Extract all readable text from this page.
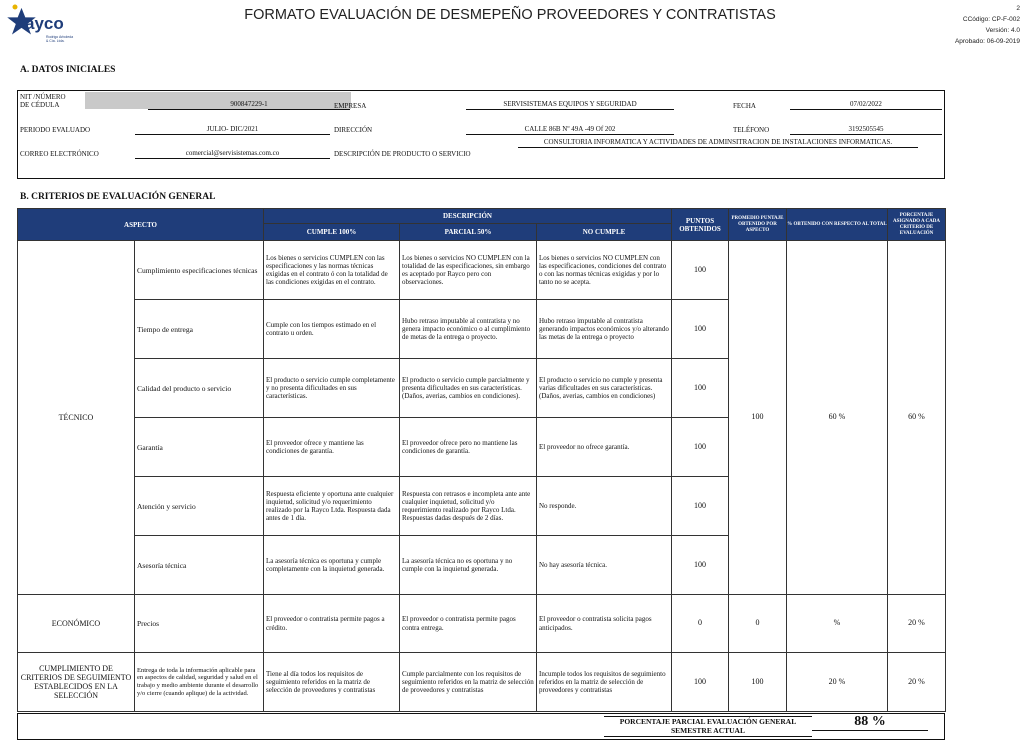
ayco
Rodrigo Arboleda
& Cía. Ltda.
FORMATO EVALUACIÓN DE DESMEPEÑO PROVEEDORES Y CONTRATISTAS	2
CCódigo: CP-F-002
Versión: 4.0
Aprobado: 06-09-2019
A. DATOS INICIALES
NIT /NÚMERO
DE CÉDULA	900847229-1	EMPRESA	SERVISISTEMAS EQUIPOS Y SEGURIDAD	FECHA	07/02/2022
PERIODO EVALUADO	JULIO- DIC/2021	DIRECCIÓN	CALLE 86B Nº 49A -49 Of 202	TELÉFONO	3192505545
CORREO ELECTRÓNICO	comercial@servisistemas.com.co	DESCRIPCIÓN DE PRODUCTO O SERVICIO
CONSULTORIA INFORMATICA Y ACTIVIDADES DE ADMINSITRACION DE INSTALACIONES INFORMATICAS.
B. CRITERIOS DE EVALUACIÓN GENERAL
ASPECTO		DESCRIPCIÓN			PUNTOS OBTENIDOS	PROMEDIO PUNTAJE OBTENIDO POR ASPECTO	% OBTENIDO CON RESPECTO AL TOTAL	PORCENTAJE ASIGNADO A CADA CRITERIO DE EVALUACIÓN
		CUMPLE 100%	PARCIAL 50%	NO CUMPLE				
TÉCNICO	Cumplimiento especificaciones técnicas	Los bienes o servicios CUMPLEN con las especificaciones y las normas técnicas exigidas en el contrato ó con la totalidad de las condiciones exigidas en el contrato.	Los bienes o servicios NO CUMPLEN con la totalidad de las especificaciones, sin embargo es aceptado por Rayco pero con observaciones.	Los bienes o servicios NO CUMPLEN con las especificaciones, condiciones del contrato o con las normas técnicas exigidas y por lo tanto no se acepta.	100	100	60 %	60 %
	Tiempo de entrega	Cumple con los tiempos estimado en el contrato u orden.	Hubo retraso imputable al contratista y no genera impacto económico o al cumplimiento de metas de la entrega o proyecto.	Hubo retraso imputable al contratista generando impactos económicos y/o alterando las metas de la entrega o proyecto	100			
	Calidad del producto o servicio	El producto o servicio cumple completamente y no presenta dificultades en sus características.	El producto o servicio cumple parcialmente y presenta dificultades en sus características. (Daños, averias, cambios en condiciones).	El producto o servicio no cumple y presenta varias dificultades en sus características. (Daños, averias, cambios en condiciones)	100			
	Garantía	El proveedor ofrece y mantiene las condiciones de garantía.	El proveedor ofrece pero no mantiene las condiciones de garantía.	El proveedor no ofrece garantía.	100			
	Atención y servicio	Respuesta eficiente y oportuna ante cualquier inquietud, solicitud y/o requerimiento realizado por la Rayco Ltda. Respuesta dada antes de 1 día.	Respuesta con retrasos e incompleta ante ante cualquier inquietud, solicitud y/o requerimiento realizado por Rayco Ltda.
Respuestas dadas después de 2 días.	No responde.	100			
	Asesoría técnica	La asesoría técnica es oportuna y cumple completamente con la inquietud generada.	La asesoría técnica no es oportuna y no cumple con la inquietud generada.	No hay asesoría técnica.	100			
ECONÓMICO	Precios	El proveedor o contratista permite pagos a crédito.	El proveedor o contratista permite pagos contra entrega.	El proveedor o contratista solicita pagos anticipados.	0	0	%	20 %
CUMPLIMIENTO DE CRITERIOS DE SEGUIMIENTO ESTABLECIDOS EN LA SELECCIÓN	Entrega de toda la información aplicable para en aspectos de calidad, seguridad y salud en el trabajo y medio ambiente durante el desarrollo y/o cierre (cuando aplique) de la actividad.	Tiene al día todos los requisitos de seguimiento referidos en la matriz de selección de proveedores y contratistas	Cumple parcialmente con los requisitos de seguimiento referidos en la matriz de selección de proveedores y contratistas	Incumple todos los requisitos de seguimiento referidos en la matriz de selección de proveedores y contratistas	100	100	20 %	20 %
PORCENTAJE PARCIAL EVALUACIÓN GENERAL SEMESTRE ACTUAL
88 %
